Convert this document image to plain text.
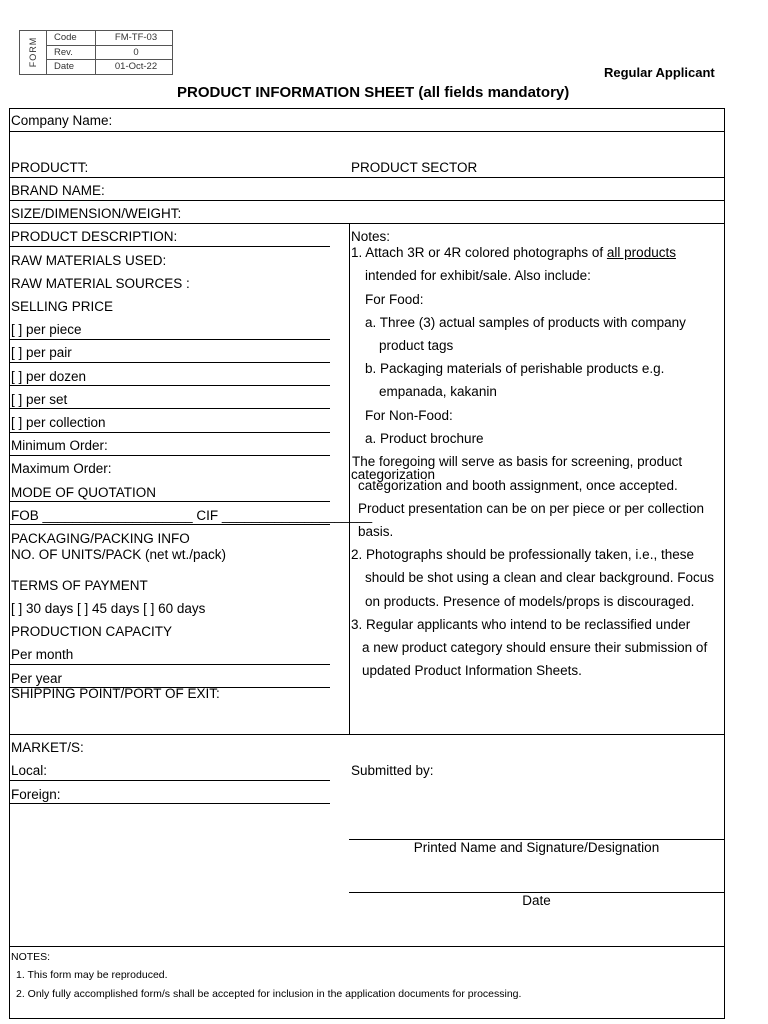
FORM Code	FM-TF-03
Rev.	0
Date	01-Oct-22	Regular Applicant
PRODUCT INFORMATION SHEET (all fields mandatory)
Company Name:
PRODUCTT:	PRODUCT SECTOR
BRAND NAME:
SIZE/DIMENSION/WEIGHT:
PRODUCT DESCRIPTION:
RAW MATERIALS USED:
RAW MATERIAL SOURCES :
SELLING PRICE
[ ] per piece
[ ] per pair
[ ] per dozen
[ ] per set
[ ] per collection
Minimum Order:
Maximum Order:
MODE OF QUOTATION
FOB ____________________ CIF ____________________
PACKAGING/PACKING INFO
NO. OF UNITS/PACK (net wt./pack)
TERMS OF PAYMENT
[ ] 30 days [ ] 45 days [ ] 60 days
PRODUCTION CAPACITY
Per month
Per year
SHIPPING POINT/PORT OF EXIT:
MARKET/S:
Local:
Foreign:
Notes:
1. Attach 3R or 4R colored photographs of all products
intended for exhibit/sale. Also include:
For Food:
a. Three (3) actual samples of products with company
product tags
b. Packaging materials of perishable products e.g.
empanada, kakanin
For Non-Food:
a. Product brochure
The foregoing will serve as basis for screening, product
categorization
categorization and booth assignment, once accepted.
Product presentation can be on per piece or per collection
basis.
2. Photographs should be professionally taken, i.e., these
should be shot using a clean and clear background. Focus
on products. Presence of models/props is discouraged.
3. Regular applicants who intend to be reclassified under
a new product category should ensure their submission of
updated Product Information Sheets.
Submitted by:
Printed Name and Signature/Designation
Date
NOTES:
1. This form may be reproduced.
2. Only fully accomplished form/s shall be accepted for inclusion in the application documents for processing.
